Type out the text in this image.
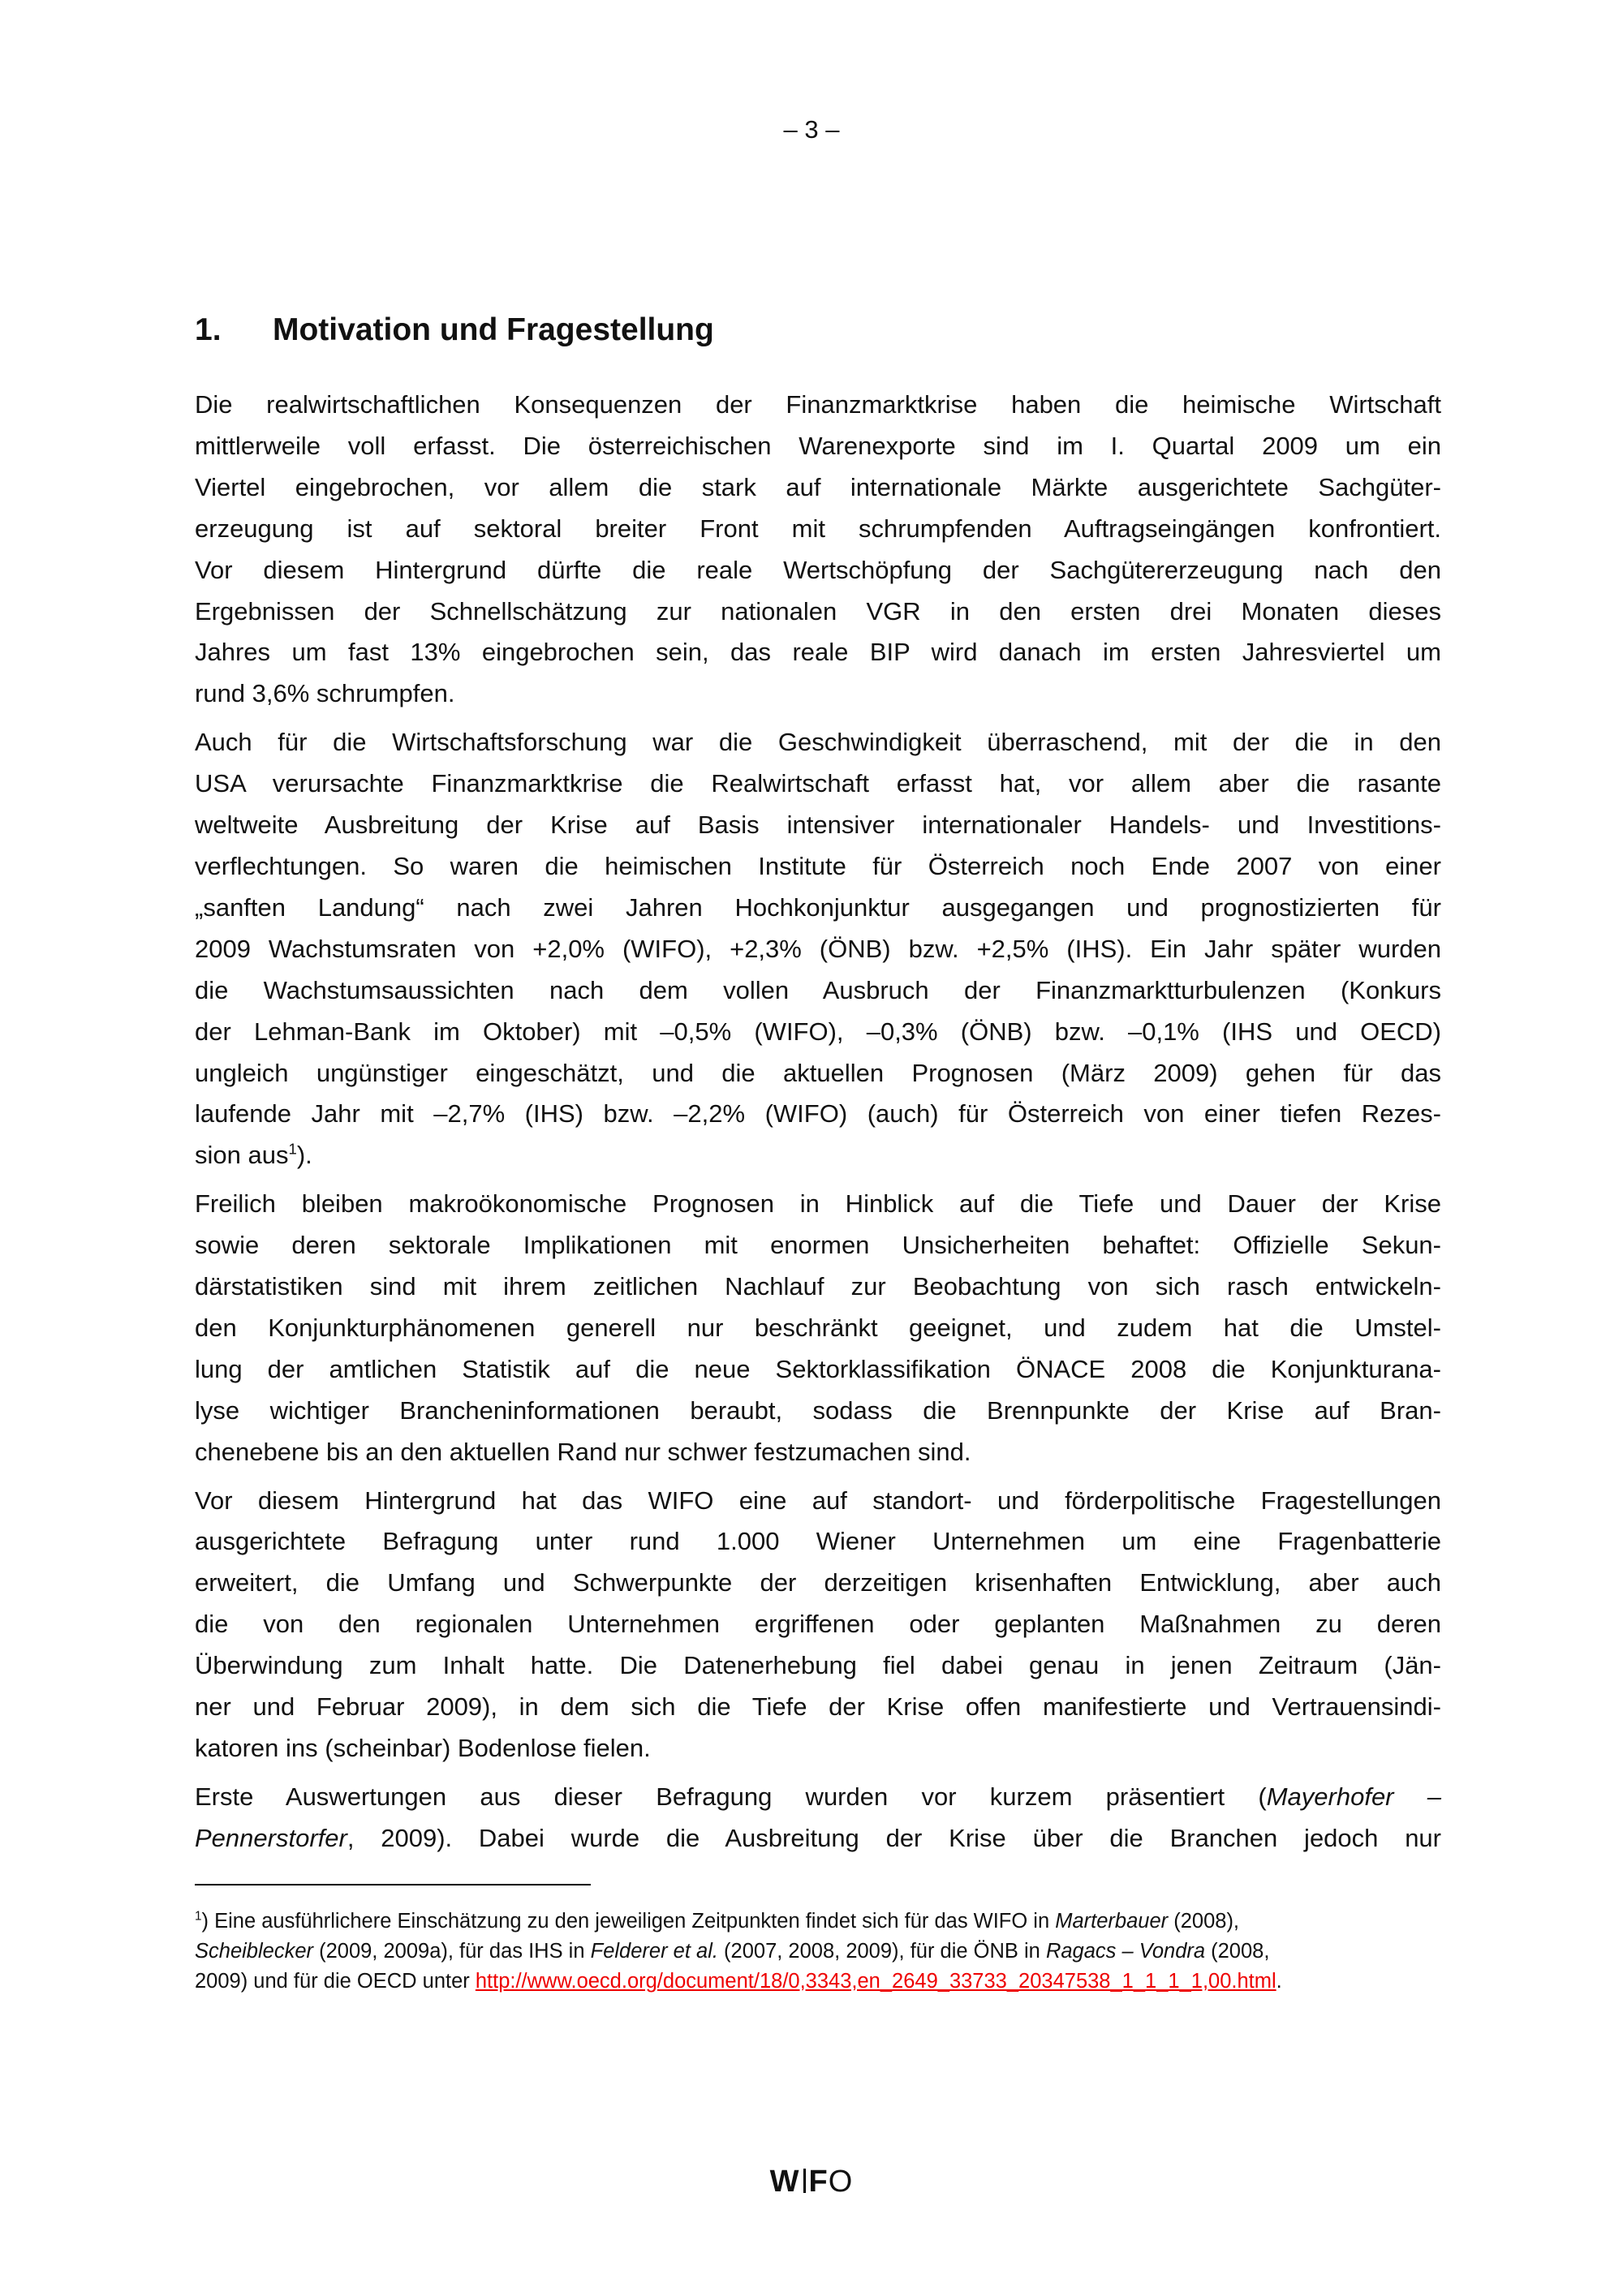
– 3 –
1. Motivation und Fragestellung
Die realwirtschaftlichen Konsequenzen der Finanzmarktkrise haben die heimische Wirtschaft
mittlerweile voll erfasst. Die österreichischen Warenexporte sind im I. Quartal 2009 um ein
Viertel eingebrochen, vor allem die stark auf internationale Märkte ausgerichtete Sachgüter-
erzeugung ist auf sektoral breiter Front mit schrumpfenden Auftragseingängen konfrontiert.
Vor diesem Hintergrund dürfte die reale Wertschöpfung der Sachgütererzeugung nach den
Ergebnissen der Schnellschätzung zur nationalen VGR in den ersten drei Monaten dieses
Jahres um fast 13% eingebrochen sein, das reale BIP wird danach im ersten Jahresviertel um
rund 3,6% schrumpfen.
Auch für die Wirtschaftsforschung war die Geschwindigkeit überraschend, mit der die in den
USA verursachte Finanzmarktkrise die Realwirtschaft erfasst hat, vor allem aber die rasante
weltweite Ausbreitung der Krise auf Basis intensiver internationaler Handels- und Investitions-
verflechtungen. So waren die heimischen Institute für Österreich noch Ende 2007 von einer
„sanften Landung“ nach zwei Jahren Hochkonjunktur ausgegangen und prognostizierten für
2009 Wachstumsraten von +2,0% (WIFO), +2,3% (ÖNB) bzw. +2,5% (IHS). Ein Jahr später wurden
die Wachstumsaussichten nach dem vollen Ausbruch der Finanzmarktturbulenzen (Konkurs
der Lehman-Bank im Oktober) mit –0,5% (WIFO), –0,3% (ÖNB) bzw. –0,1% (IHS und OECD)
ungleich ungünstiger eingeschätzt, und die aktuellen Prognosen (März 2009) gehen für das
laufende Jahr mit –2,7% (IHS) bzw. –2,2% (WIFO) (auch) für Österreich von einer tiefen Rezes-
sion aus$^1$).
Freilich bleiben makroökonomische Prognosen in Hinblick auf die Tiefe und Dauer der Krise
sowie deren sektorale Implikationen mit enormen Unsicherheiten behaftet: Offizielle Sekun-
därstatistiken sind mit ihrem zeitlichen Nachlauf zur Beobachtung von sich rasch entwickeln-
den Konjunkturphänomenen generell nur beschränkt geeignet, und zudem hat die Umstel-
lung der amtlichen Statistik auf die neue Sektorklassifikation ÖNACE 2008 die Konjunkturana-
lyse wichtiger Brancheninformationen beraubt, sodass die Brennpunkte der Krise auf Bran-
chenebene bis an den aktuellen Rand nur schwer festzumachen sind.
Vor diesem Hintergrund hat das WIFO eine auf standort- und förderpolitische Fragestellungen
ausgerichtete Befragung unter rund 1.000 Wiener Unternehmen um eine Fragenbatterie
erweitert, die Umfang und Schwerpunkte der derzeitigen krisenhaften Entwicklung, aber auch
die von den regionalen Unternehmen ergriffenen oder geplanten Maßnahmen zu deren
Überwindung zum Inhalt hatte. Die Datenerhebung fiel dabei genau in jenen Zeitraum (Jän-
ner und Februar 2009), in dem sich die Tiefe der Krise offen manifestierte und Vertrauensindi-
katoren ins (scheinbar) Bodenlose fielen.
Erste Auswertungen aus dieser Befragung wurden vor kurzem präsentiert (Mayerhofer –
Pennerstorfer, 2009). Dabei wurde die Ausbreitung der Krise über die Branchen jedoch nur
$^1$) Eine ausführlichere Einschätzung zu den jeweiligen Zeitpunkten findet sich für das WIFO in Marterbauer (2008),
Scheiblecker (2009, 2009a), für das IHS in Felderer et al. (2007, 2008, 2009), für die ÖNB in Ragacs – Vondra (2008,
2009) und für die OECD unter http://www.oecd.org/document/18/0,3343,en_2649_33733_20347538_1_1_1_1,00.html.
W FO
